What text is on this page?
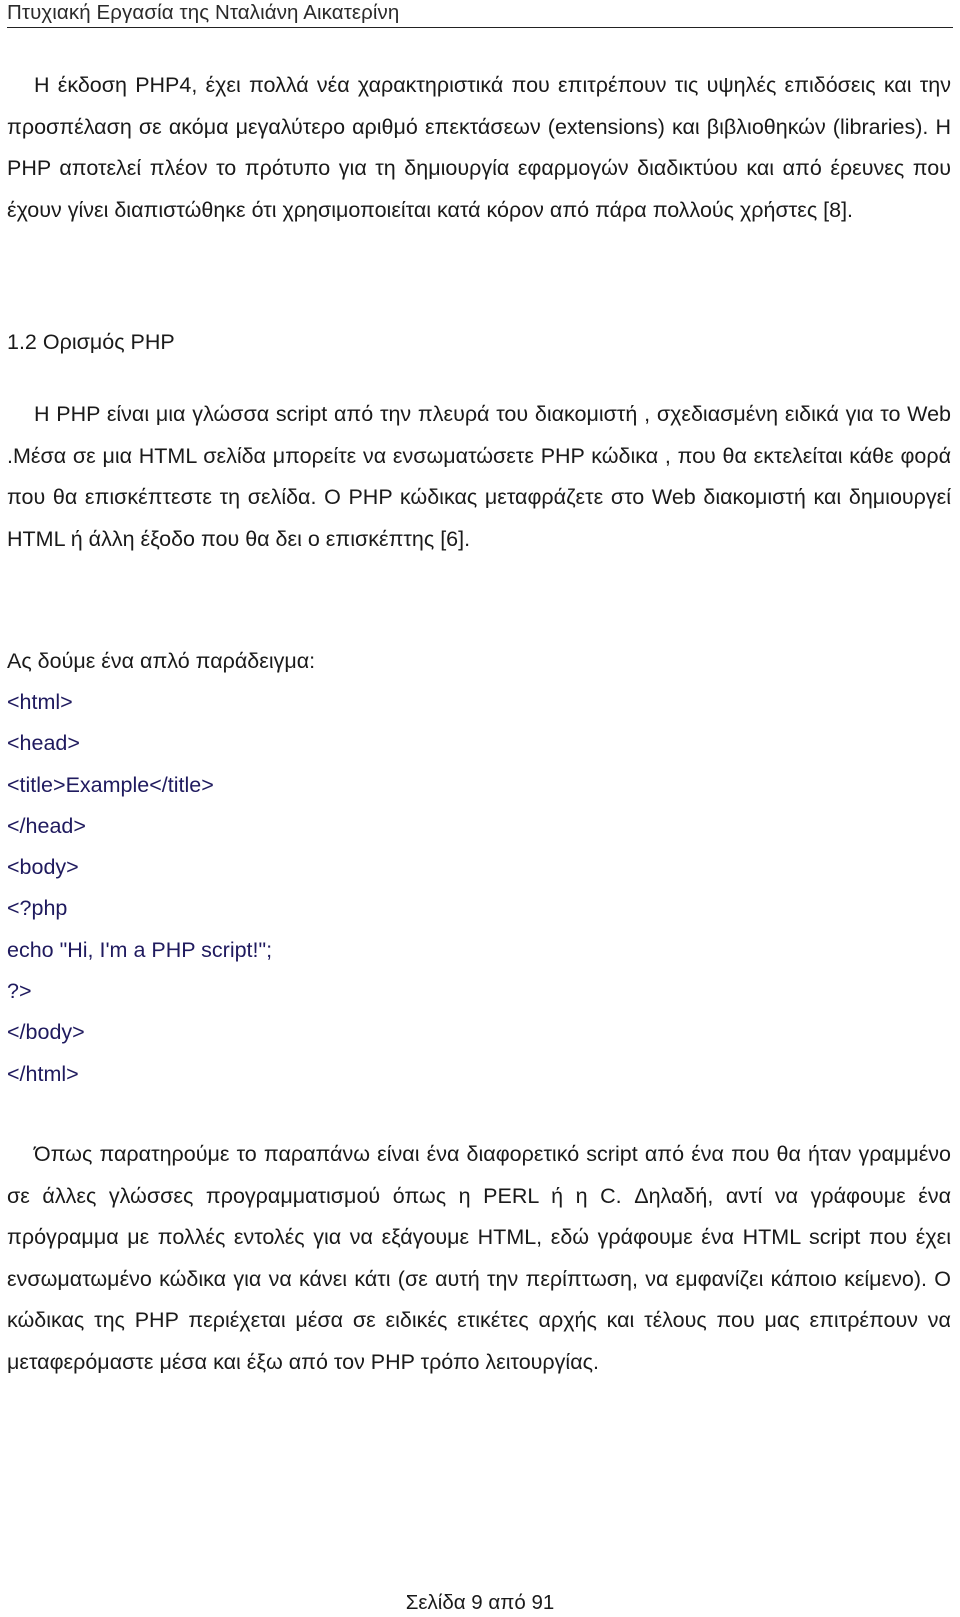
Πτυχιακή Εργασία της Νταλιάνη Αικατερίνη

Η έκδοση PHP4, έχει πολλά νέα χαρακτηριστικά που επιτρέπουν τις υψηλές επιδόσεις και την προσπέλαση σε ακόμα μεγαλύτερο αριθμό επεκτάσεων (extensions) και βιβλιοθηκών (libraries). Η PHP αποτελεί πλέον το πρότυπο για τη δημιουργία εφαρμογών διαδικτύου και από έρευνες που έχουν γίνει διαπιστώθηκε ότι χρησιμοποιείται κατά κόρον από πάρα πολλούς χρήστες [8].

1.2 Ορισμός PHP

Η PHP είναι μια γλώσσα script από την πλευρά του διακομιστή , σχεδιασμένη ειδικά για το Web .Μέσα σε μια HTML σελίδα μπορείτε να ενσωματώσετε PHP κώδικα , που θα εκτελείται κάθε φορά που θα επισκέπτεστε τη σελίδα. Ο PHP κώδικας μεταφράζετε στο Web διακομιστή και δημιουργεί HTML ή άλλη έξοδο που θα δει ο επισκέπτης [6].

Ας δούμε ένα απλό παράδειγμα:

<html>
<head>
<title>Example</title>
</head>
<body>
<?php
echo "Hi, I'm a PHP script!";
?>
</body>
</html>

Όπως παρατηρούμε το παραπάνω είναι ένα διαφορετικό script από ένα που θα ήταν γραμμένο σε άλλες γλώσσες προγραμματισμού όπως η PERL ή η C. Δηλαδή, αντί να γράφουμε ένα πρόγραμμα με πολλές εντολές για να εξάγουμε HTML, εδώ γράφουμε ένα HTML script που έχει ενσωματωμένο κώδικα για να κάνει κάτι (σε αυτή την περίπτωση, να εμφανίζει κάποιο κείμενο). Ο κώδικας της PHP περιέχεται μέσα σε ειδικές ετικέτες αρχής και τέλους που μας επιτρέπουν να μεταφερόμαστε μέσα και έξω από τον PHP τρόπο λειτουργίας.

Σελίδα 9 από 91
